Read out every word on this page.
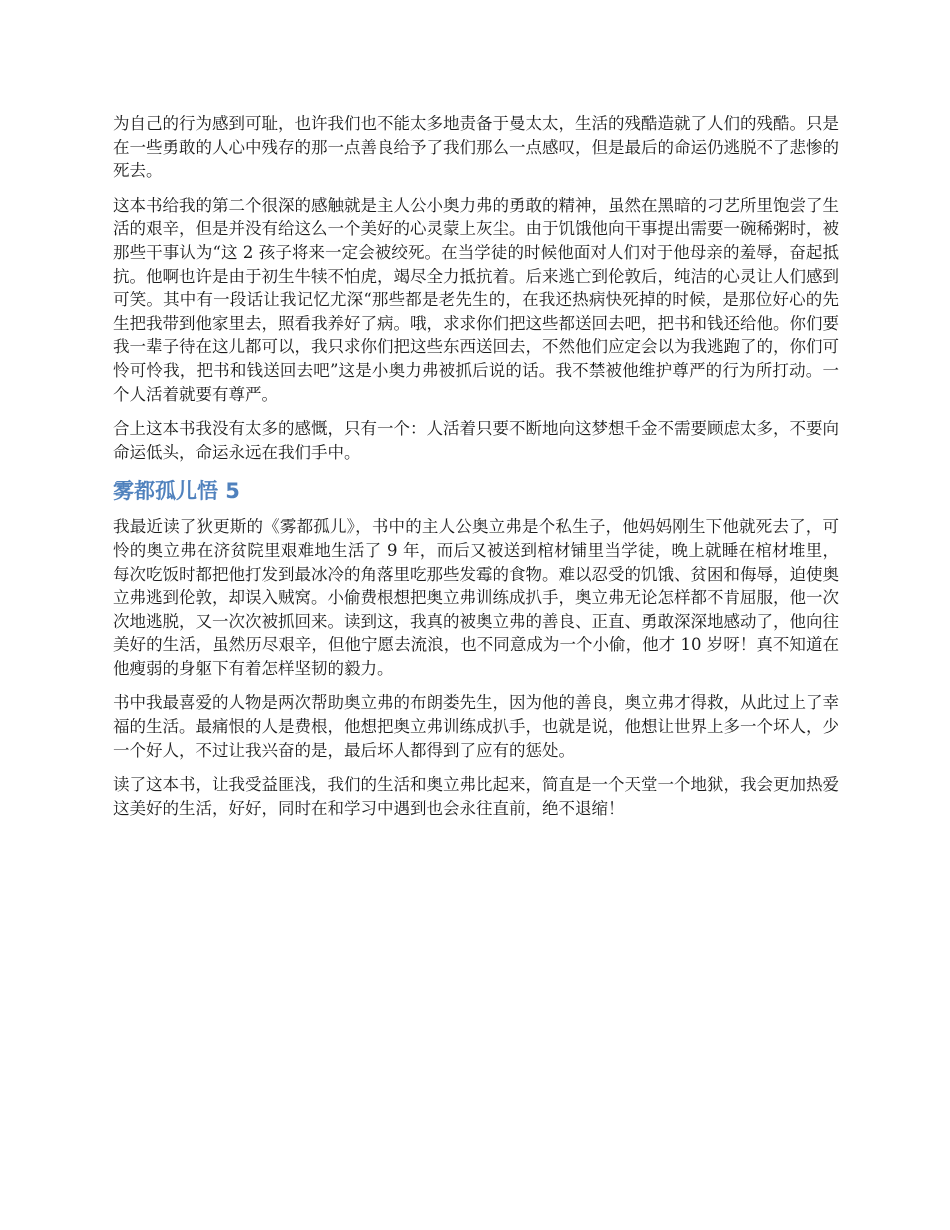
为自己的行为感到可耻，也许我们也不能太多地责备于曼太太，生活的残酷造就了人们的残酷。只是在一些勇敢的人心中残存的那一点善良给予了我们那么一点感叹，但是最后的命运仍逃脱不了悲惨的死去。

这本书给我的第二个很深的感触就是主人公小奥力弗的勇敢的精神，虽然在黑暗的刁艺所里饱尝了生活的艰辛，但是并没有给这么一个美好的心灵蒙上灰尘。由于饥饿他向干事提出需要一碗稀粥时，被那些干事认为“这 2 孩子将来一定会被绞死。在当学徒的时候他面对人们对于他母亲的羞辱，奋起抵抗。他啊也许是由于初生牛犊不怕虎，竭尽全力抵抗着。后来逃亡到伦敦后，纯洁的心灵让人们感到可笑。其中有一段话让我记忆尤深“那些都是老先生的，在我还热病快死掉的时候，是那位好心的先生把我带到他家里去，照看我养好了病。哦，求求你们把这些都送回去吧，把书和钱还给他。你们要我一辈子待在这儿都可以，我只求你们把这些东西送回去，不然他们应定会以为我逃跑了的，你们可怜可怜我，把书和钱送回去吧”这是小奥力弗被抓后说的话。我不禁被他维护尊严的行为所打动。一个人活着就要有尊严。

合上这本书我没有太多的感慨，只有一个：人活着只要不断地向这梦想千金不需要顾虑太多，不要向命运低头，命运永远在我们手中。

雾都孤儿悟 5

我最近读了狄更斯的《雾都孤儿》，书中的主人公奥立弗是个私生子，他妈妈刚生下他就死去了，可怜的奥立弗在济贫院里艰难地生活了 9 年，而后又被送到棺材铺里当学徒，晚上就睡在棺材堆里，每次吃饭时都把他打发到最冰冷的角落里吃那些发霉的食物。难以忍受的饥饿、贫困和侮辱，迫使奥立弗逃到伦敦，却误入贼窝。小偷费根想把奥立弗训练成扒手，奥立弗无论怎样都不肯屈服，他一次次地逃脱，又一次次被抓回来。读到这，我真的被奥立弗的善良、正直、勇敢深深地感动了，他向往美好的生活，虽然历尽艰辛，但他宁愿去流浪，也不同意成为一个小偷，他才 10 岁呀！真不知道在他瘦弱的身躯下有着怎样坚韧的毅力。

书中我最喜爱的人物是两次帮助奥立弗的布朗娄先生，因为他的善良，奥立弗才得救，从此过上了幸福的生活。最痛恨的人是费根，他想把奥立弗训练成扒手，也就是说，他想让世界上多一个坏人，少一个好人，不过让我兴奋的是，最后坏人都得到了应有的惩处。

读了这本书，让我受益匪浅，我们的生活和奥立弗比起来，简直是一个天堂一个地狱，我会更加热爱这美好的生活，好好，同时在和学习中遇到也会永往直前，绝不退缩！
